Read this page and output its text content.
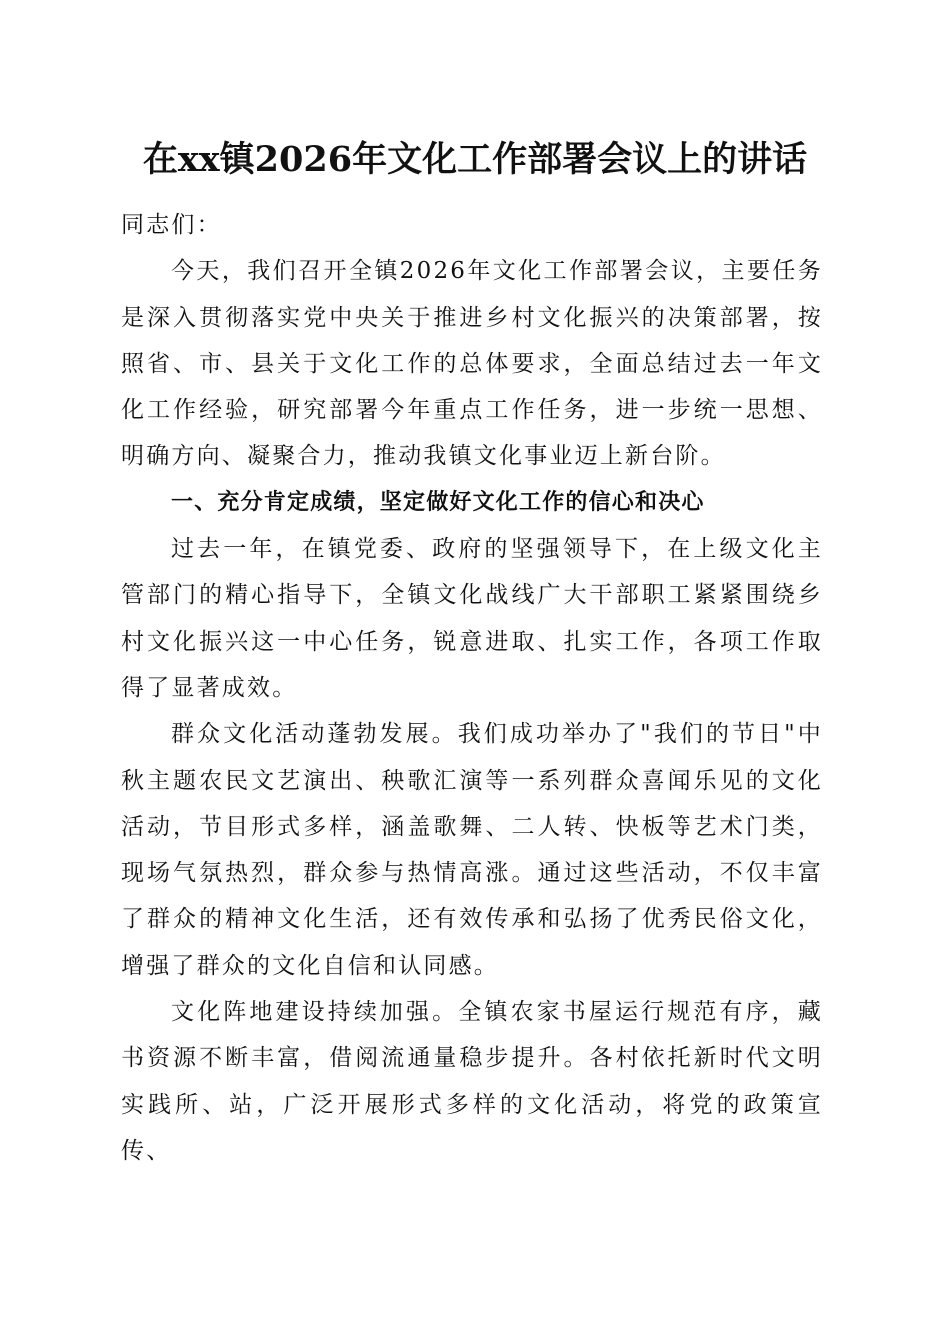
在xx镇2026年文化工作部署会议上的讲话

同志们：

今天，我们召开全镇2026年文化工作部署会议，主要任务是深入贯彻落实党中央关于推进乡村文化振兴的决策部署，按照省、市、县关于文化工作的总体要求，全面总结过去一年文化工作经验，研究部署今年重点工作任务，进一步统一思想、明确方向、凝聚合力，推动我镇文化事业迈上新台阶。

一、充分肯定成绩，坚定做好文化工作的信心和决心

过去一年，在镇党委、政府的坚强领导下，在上级文化主管部门的精心指导下，全镇文化战线广大干部职工紧紧围绕乡村文化振兴这一中心任务，锐意进取、扎实工作，各项工作取得了显著成效。

群众文化活动蓬勃发展。我们成功举办了"我们的节日"中秋主题农民文艺演出、秧歌汇演等一系列群众喜闻乐见的文化活动，节目形式多样，涵盖歌舞、二人转、快板等艺术门类，现场气氛热烈，群众参与热情高涨。通过这些活动，不仅丰富了群众的精神文化生活，还有效传承和弘扬了优秀民俗文化，增强了群众的文化自信和认同感。

文化阵地建设持续加强。全镇农家书屋运行规范有序，藏书资源不断丰富，借阅流通量稳步提升。各村依托新时代文明实践所、站，广泛开展形式多样的文化活动，将党的政策宣传、
